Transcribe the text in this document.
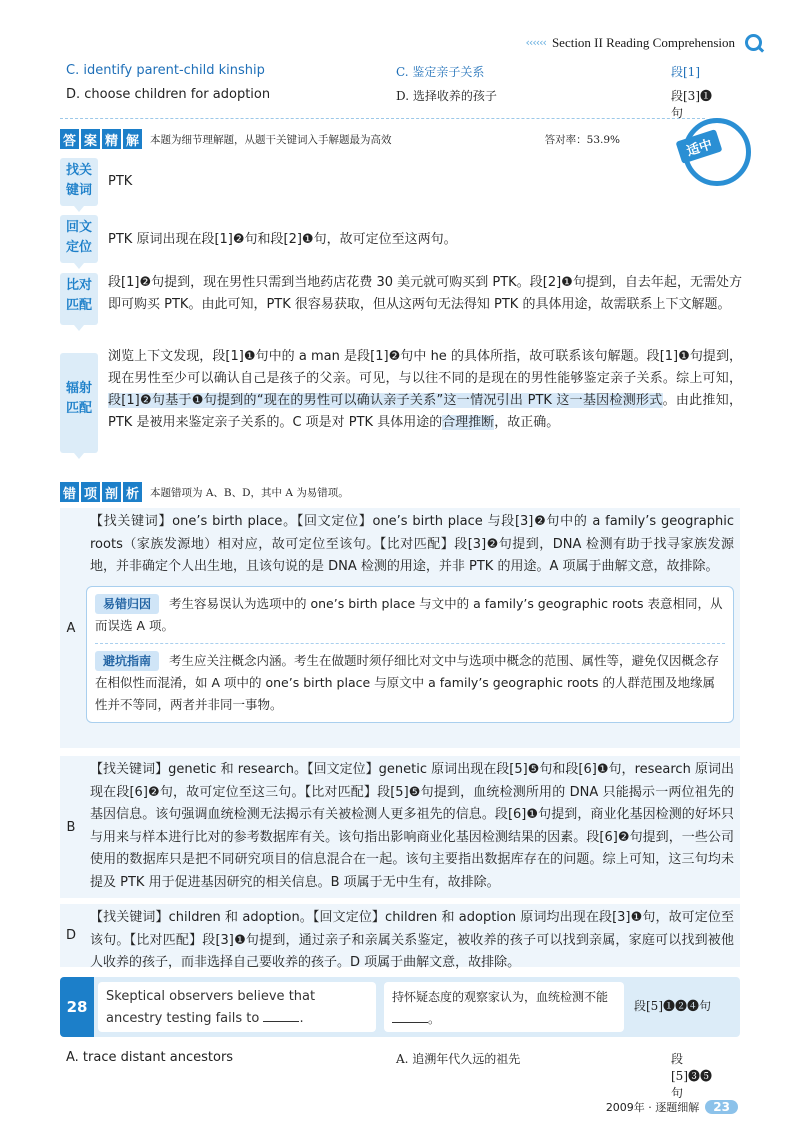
‹‹‹‹‹‹ Section II Reading Comprehension
C. identify parent-child kinship	C. 鉴定亲子关系	段[1]
D. choose children for adoption	D. 选择收养的孩子	段[3]❶句
答 案 精 解 本题为细节理解题，从题干关键词入手解题最为高效	答对率：53.9%	适中
找关键词
PTK
回文定位
PTK 原词出现在段[1]❷句和段[2]❶句，故可定位至这两句。
比对匹配
段[1]❷句提到，现在男性只需到当地药店花费 30 美元就可购买到 PTK。段[2]❶句提到，自去年起，无需处方即可购买 PTK。由此可知，PTK 很容易获取，但从这两句无法得知 PTK 的具体用途，故需联系上下文解题。
辐射匹配
浏览上下文发现，段[1]❶句中的 a man 是段[1]❷句中 he 的具体所指，故可联系该句解题。段[1]❶句提到，现在男性至少可以确认自己是孩子的父亲。可见，与以往不同的是现在的男性能够鉴定亲子关系。综上可知，段[1]❷句基于❶句提到的“现在的男性可以确认亲子关系”这一情况引出 PTK 这一基因检测形式。由此推知，PTK 是被用来鉴定亲子关系的。C 项是对 PTK 具体用途的合理推断，故正确。
错 项 剖 析 本题错项为 A、B、D，其中 A 为易错项。
A
【找关键词】one’s birth place。【回文定位】one’s birth place 与段[3]❷句中的 a family’s geographic roots（家族发源地）相对应，故可定位至该句。【比对匹配】段[3]❷句提到，DNA 检测有助于找寻家族发源地，并非确定个人出生地，且该句说的是 DNA 检测的用途，并非 PTK 的用途。A 项属于曲解文意，故排除。
易错归因 考生容易误认为选项中的 one’s birth place 与文中的 a family’s geographic roots 表意相同，从而误选 A 项。
避坑指南 考生应关注概念内涵。考生在做题时须仔细比对文中与选项中概念的范围、属性等，避免仅因概念存在相似性而混淆，如 A 项中的 one’s birth place 与原文中 a family’s geographic roots 的人群范围及地缘属性并不等同，两者并非同一事物。
B
【找关键词】genetic 和 research。【回文定位】genetic 原词出现在段[5]❺句和段[6]❶句，research 原词出现在段[6]❷句，故可定位至这三句。【比对匹配】段[5]❺句提到，血统检测所用的 DNA 只能揭示一两位祖先的基因信息。该句强调血统检测无法揭示有关被检测人更多祖先的信息。段[6]❶句提到，商业化基因检测的好坏只与用来与样本进行比对的参考数据库有关。该句指出影响商业化基因检测结果的因素。段[6]❷句提到，一些公司使用的数据库只是把不同研究项目的信息混合在一起。该句主要指出数据库存在的问题。综上可知，这三句均未提及 PTK 用于促进基因研究的相关信息。B 项属于无中生有，故排除。
D
【找关键词】children 和 adoption。【回文定位】children 和 adoption 原词均出现在段[3]❶句，故可定位至该句。【比对匹配】段[3]❶句提到，通过亲子和亲属关系鉴定，被收养的孩子可以找到亲属，家庭可以找到被他人收养的孩子，而非选择自己要收养的孩子。D 项属于曲解文意，故排除。
28
Skeptical observers believe that ancestry testing fails to	.
持怀疑态度的观察家认为，血统检测不能。
段[5]❶❷❹句
A. trace distant ancestors	A. 追溯年代久远的祖先	段[5]❸❺句
2009年 · 逐题细解	23
